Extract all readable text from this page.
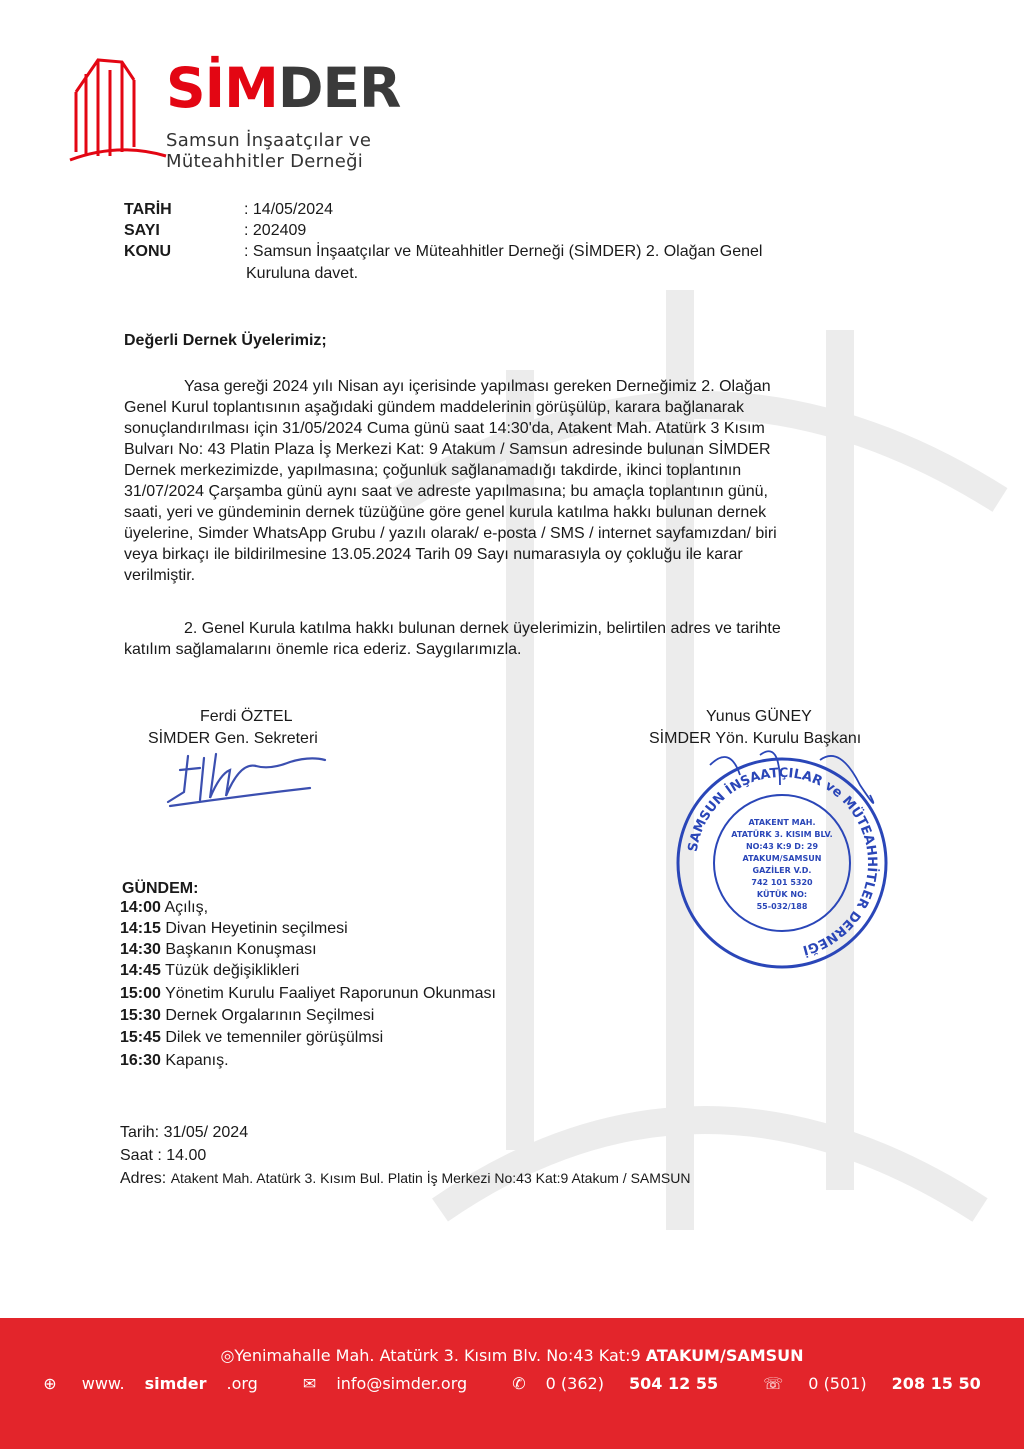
SİMDER
Samsun İnşaatçılar ve
Müteahhitler Derneği
TARİH	: 14/05/2024
SAYI	: 202409
KONU	: Samsun İnşaatçılar ve Müteahhitler Derneği (SİMDER) 2. Olağan Genel
Kuruluna davet.
Değerli Dernek Üyelerimiz;
Yasa gereği 2024 yılı Nisan ayı içerisinde yapılması gereken Derneğimiz 2. Olağan
Genel Kurul toplantısının aşağıdaki gündem maddelerinin görüşülüp, karara bağlanarak
sonuçlandırılması için 31/05/2024 Cuma günü saat 14:30'da, Atakent Mah. Atatürk 3 Kısım
Bulvarı No: 43 Platin Plaza İş Merkezi Kat: 9 Atakum / Samsun adresinde bulunan SİMDER
Dernek merkezimizde, yapılmasına; çoğunluk sağlanamadığı takdirde, ikinci toplantının
31/07/2024 Çarşamba günü aynı saat ve adreste yapılmasına; bu amaçla toplantının günü,
saati, yeri ve gündeminin dernek tüzüğüne göre genel kurula katılma hakkı bulunan dernek
üyelerine, Simder WhatsApp Grubu / yazılı olarak/ e-posta / SMS / internet sayfamızdan/ biri
veya birkaçı ile bildirilmesine 13.05.2024 Tarih 09 Sayı numarasıyla oy çokluğu ile karar
verilmiştir.
2. Genel Kurula katılma hakkı bulunan dernek üyelerimizin, belirtilen adres ve tarihte
katılım sağlamalarını önemle rica ederiz. Saygılarımızla.
Ferdi ÖZTEL
SİMDER Gen. Sekreteri
Yunus GÜNEY
SİMDER Yön. Kurulu Başkanı
SAMSUN İNŞAATÇILAR ve MÜTEAHHİTLER DERNEĞİ
ATAKENT MAH.
ATATÜRK 3. KISIM BLV.
NO:43 K:9 D: 29
ATAKUM/SAMSUN
GAZİLER V.D.
742 101 5320
KÜTÜK NO:
55-032/188
GÜNDEM:
14:00 Açılış,
14:15 Divan Heyetinin seçilmesi
14:30 Başkanın Konuşması
14:45 Tüzük değişiklikleri
15:00 Yönetim Kurulu Faaliyet Raporunun Okunması
15:30 Dernek Orgalarının Seçilmesi
15:45 Dilek ve temenniler görüşülmsi
16:30 Kapanış.
Tarih: 31/05/ 2024
Saat : 14.00
Adres: Atakent Mah. Atatürk 3. Kısım Bul. Platin İş Merkezi No:43 Kat:9 Atakum / SAMSUN
◎Yenimahalle Mah. Atatürk 3. Kısım Blv. No:43 Kat:9 ATAKUM/SAMSUN
⊕ www. simder .org	✉ info@simder.org	✆ 0 (362) 504 12 55	☏ 0 (501) 208 15 50
